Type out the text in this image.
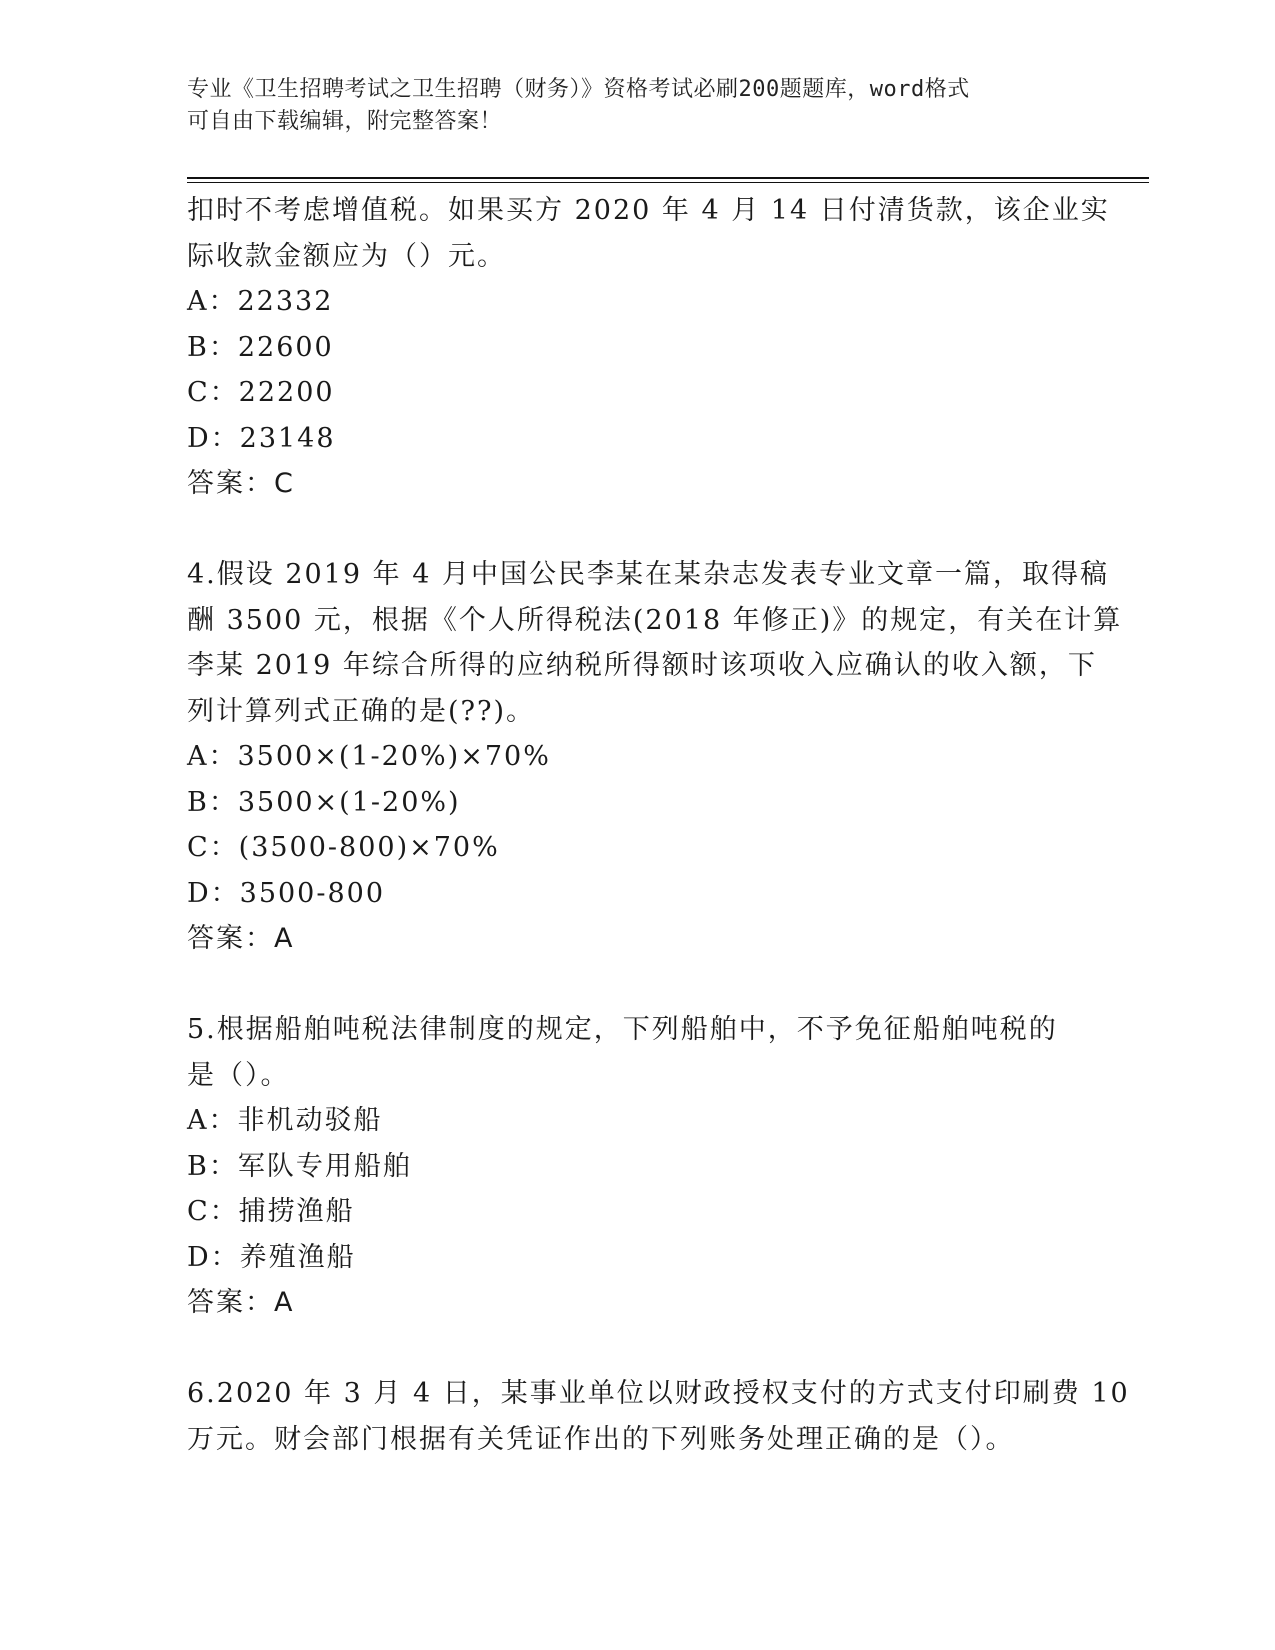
专业《卫生招聘考试之卫生招聘（财务）》资格考试必刷200题题库，word格式
可自由下载编辑，附完整答案！
扣时不考虑增值税。如果买方 2020 年 4 月 14 日付清货款，该企业实
际收款金额应为（）元。
A：22332
B：22600
C：22200
D：23148
答案：C
4.假设 2019 年 4 月中国公民李某在某杂志发表专业文章一篇，取得稿
酬 3500 元，根据《个人所得税法(2018 年修正)》的规定，有关在计算
李某 2019 年综合所得的应纳税所得额时该项收入应确认的收入额，下
列计算列式正确的是(??)。
A：3500×(1-20%)×70%
B：3500×(1-20%)
C：(3500-800)×70%
D：3500-800
答案：A
5.根据船舶吨税法律制度的规定，下列船舶中，不予免征船舶吨税的
是（）。
A：非机动驳船
B：军队专用船舶
C：捕捞渔船
D：养殖渔船
答案：A
6.2020 年 3 月 4 日，某事业单位以财政授权支付的方式支付印刷费 10
万元。财会部门根据有关凭证作出的下列账务处理正确的是（）。
